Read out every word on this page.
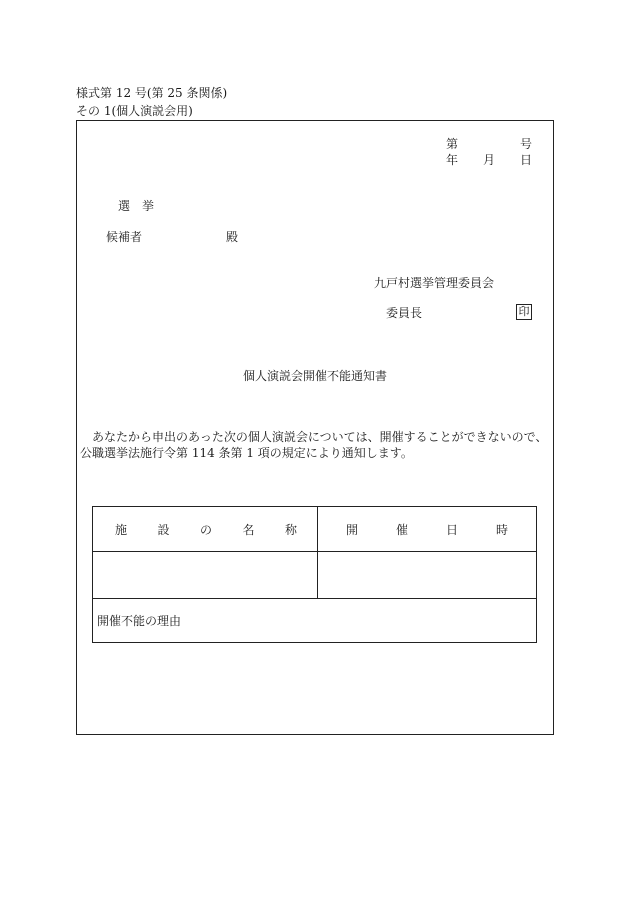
様式第 12 号(第 25 条関係)
その 1(個人演説会用)
第	号
年 月 日
選　挙
候補者	殿
九戸村選挙管理委員会
委員長	印
個人演説会開催不能通知書
あなたから申出のあった次の個人演説会については、開催することができないので、
公職選挙法施行令第 114 条第 1 項の規定により通知します。
施 設 の 名 称	開 催 日 時

開催不能の理由	
